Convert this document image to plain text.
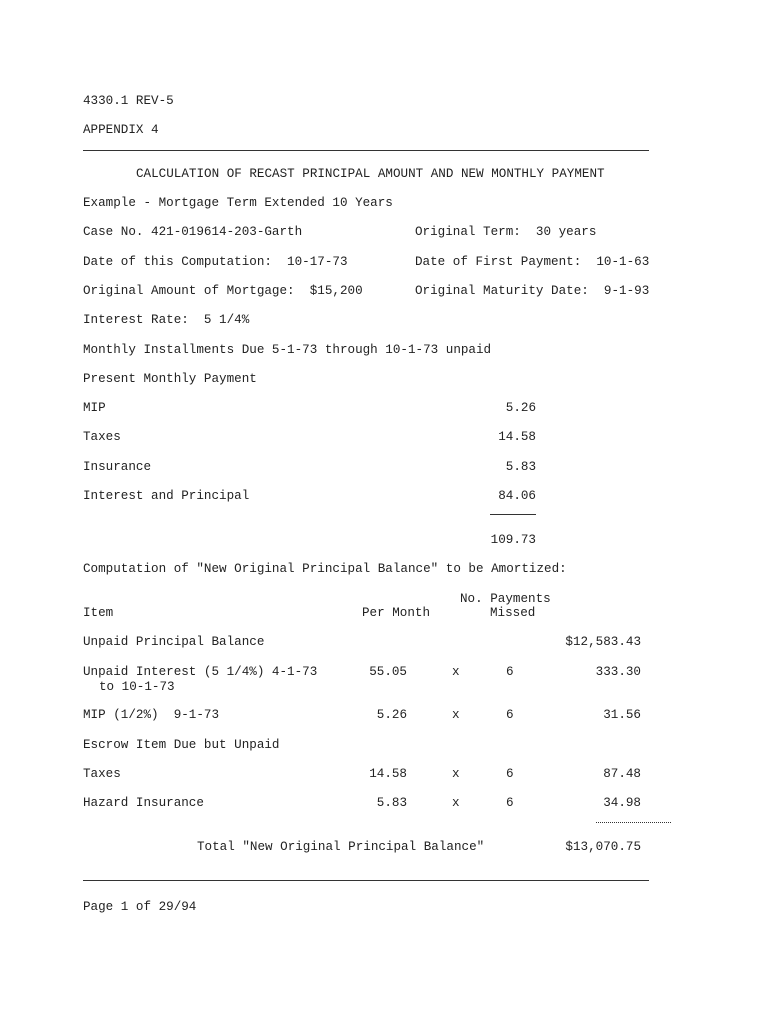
4330.1 REV-5
APPENDIX 4
CALCULATION OF RECAST PRINCIPAL AMOUNT AND NEW MONTHLY PAYMENT
Example - Mortgage Term Extended 10 Years
Case No. 421-019614-203-Garth	Original Term:  30 years
Date of this Computation:  10-17-73	Date of First Payment:  10-1-63
Original Amount of Mortgage:  $15,200	Original Maturity Date:  9-1-93
Interest Rate:  5 1/4%
Monthly Installments Due 5-1-73 through 10-1-73 unpaid
Present Monthly Payment
MIP	5.26
Taxes	14.58
Insurance	5.83
Interest and Principal	84.06
109.73
Computation of "New Original Principal Balance" to be Amortized:
No. Payments
Item	Per Month	Missed
Unpaid Principal Balance	$12,583.43
Unpaid Interest (5 1/4%) 4-1-73
to 10-1-73
55.05	x	6	333.30
MIP (1/2%)  9-1-73	5.26	x	6	31.56
Escrow Item Due but Unpaid
Taxes	14.58	x	6	87.48
Hazard Insurance	5.83	x	6	34.98
Total "New Original Principal Balance"	$13,070.75
Page 1 of 29/94
